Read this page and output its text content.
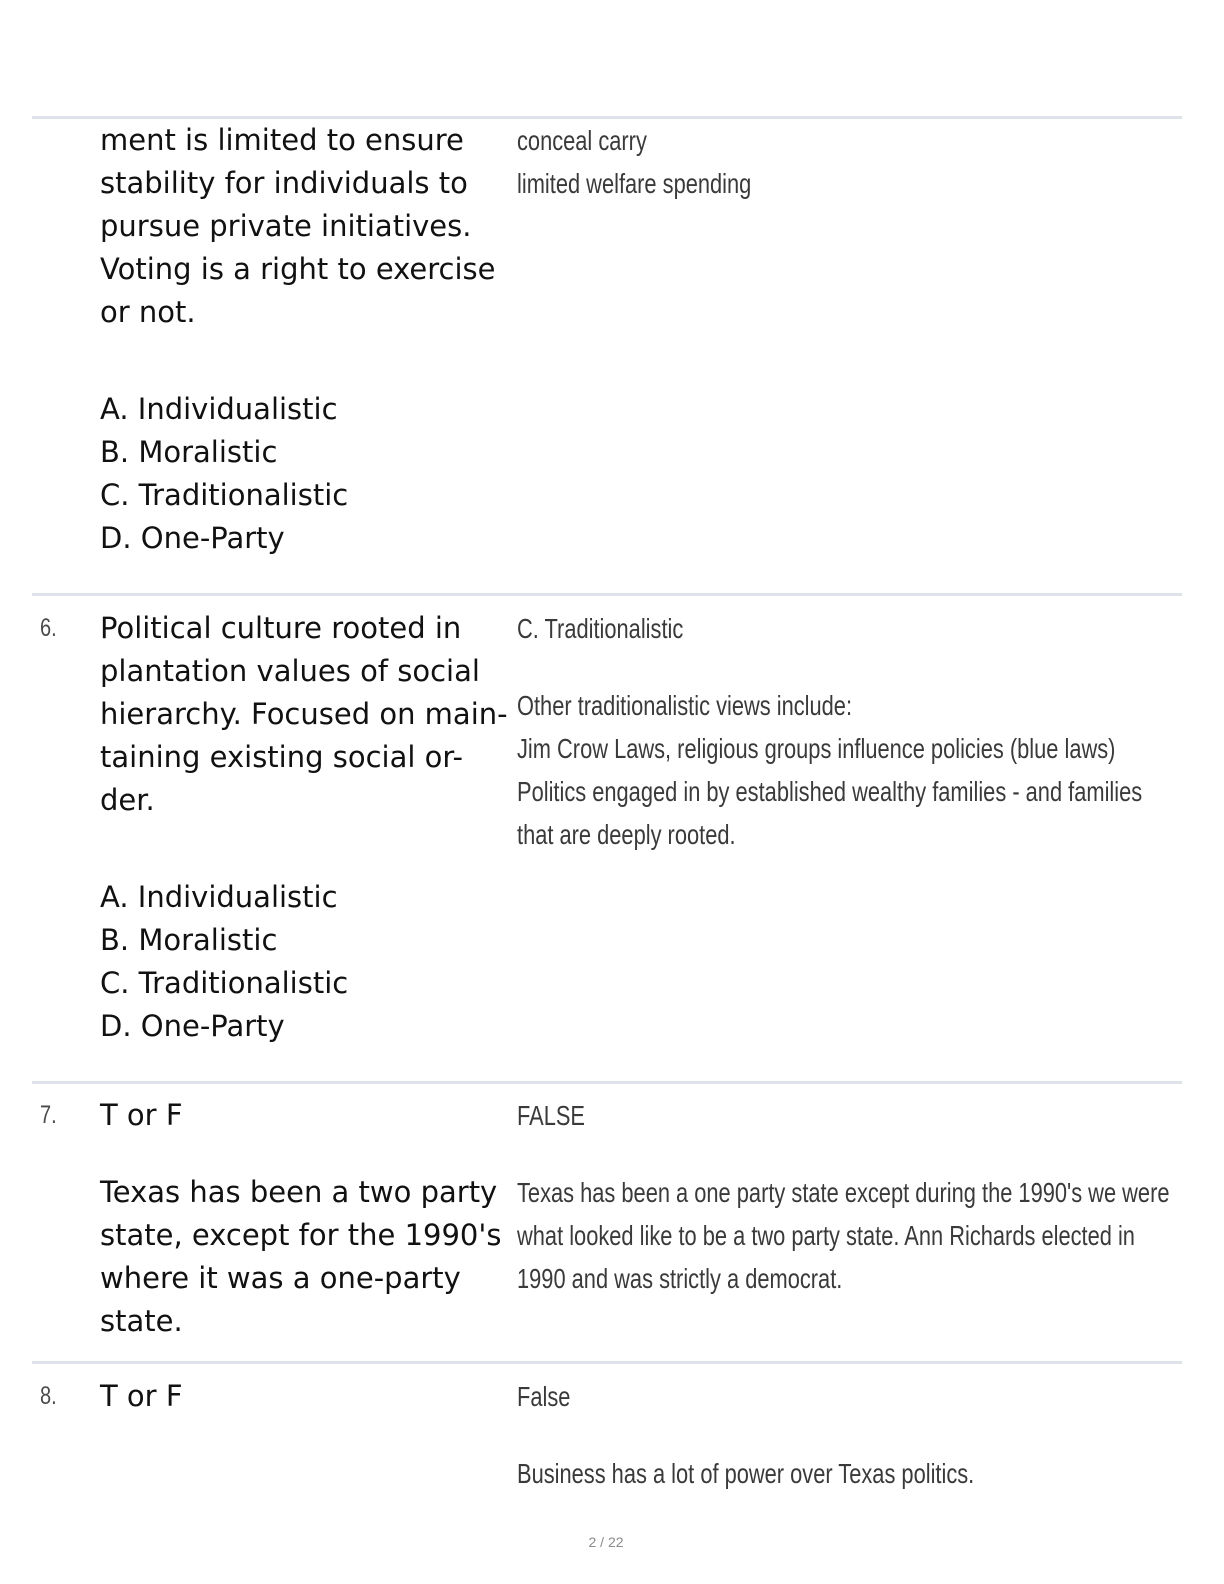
ment is limited to ensure
stability for individuals to
pursue private initiatives.
Voting is a right to exercise
or not.
A. Individualistic
B. Moralistic
C. Traditionalistic
D. One-Party
conceal carry
limited welfare spending
6. Political culture rooted in
plantation values of social
hierarchy. Focused on main-
taining existing social or-
der.
A. Individualistic
B. Moralistic
C. Traditionalistic
D. One-Party
C. Traditionalistic
Other traditionalistic views include:
Jim Crow Laws, religious groups influence policies (blue laws)
Politics engaged in by established wealthy families - and families
that are deeply rooted.
7. T or F
Texas has been a two party
state, except for the 1990's
where it was a one-party
state.
FALSE
Texas has been a one party state except during the 1990's we were
what looked like to be a two party state. Ann Richards elected in
1990 and was strictly a democrat.
8. T or F	False
Business has a lot of power over Texas politics.
2 / 22
